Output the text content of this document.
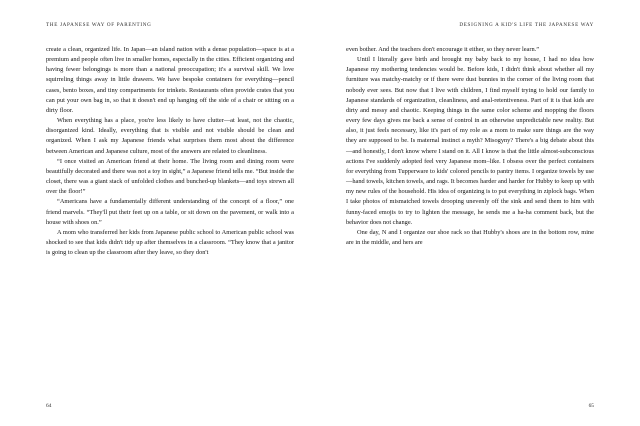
THE JAPANESE WAY OF PARENTING

create a clean, organized life. In Japan—an island nation with a dense population—space is at a premium and people often live in smaller homes, especially in the cities. Efficient organizing and having fewer belongings is more than a national preoccupation; it's a survival skill. We love squirreling things away in little drawers. We have bespoke containers for everything—pencil cases, bento boxes, and tiny compartments for trinkets. Restaurants often provide crates that you can put your own bag in, so that it doesn't end up hanging off the side of a chair or sitting on a dirty floor.

When everything has a place, you're less likely to have clutter—at least, not the chaotic, disorganized kind. Ideally, everything that is visible and not visible should be clean and organized. When I ask my Japanese friends what surprises them most about the difference between American and Japanese culture, most of the answers are related to cleanliness.

“I once visited an American friend at their home. The living room and dining room were beautifully decorated and there was not a toy in sight,” a Japanese friend tells me. “But inside the closet, there was a giant stack of unfolded clothes and bunched-up blankets—and toys strewn all over the floor!”

“Americans have a fundamentally different understanding of the concept of a floor,” one friend marvels. “They'll put their feet up on a table, or sit down on the pavement, or walk into a house with shoes on.”

A mom who transferred her kids from Japanese public school to American public school was shocked to see that kids didn't tidy up after themselves in a classroom. “They know that a janitor is going to clean up the classroom after they leave, so they don't

64
DESIGNING A KID'S LIFE THE JAPANESE WAY

even bother. And the teachers don't encourage it either, so they never learn.”

Until I literally gave birth and brought my baby back to my house, I had no idea how Japanese my mothering tendencies would be. Before kids, I didn't think about whether all my furniture was matchy-matchy or if there were dust bunnies in the corner of the living room that nobody ever sees. But now that I live with children, I find myself trying to hold our family to Japanese standards of organization, cleanliness, and anal-retentiveness. Part of it is that kids are dirty and messy and chaotic. Keeping things in the same color scheme and mopping the floors every few days gives me back a sense of control in an otherwise unpredictable new reality. But also, it just feels necessary, like it's part of my role as a mom to make sure things are the way they are supposed to be. Is maternal instinct a myth? Misogyny? There's a big debate about this—and honestly, I don't know where I stand on it. All I know is that the little almost-subconscious actions I've suddenly adopted feel very Japanese mom–like. I obsess over the perfect containers for everything from Tupperware to kids' colored pencils to pantry items. I organize towels by use—hand towels, kitchen towels, and rags. It becomes harder and harder for Hubby to keep up with my new rules of the household. His idea of organizing is to put everything in ziplock bags. When I take photos of mismatched towels drooping unevenly off the sink and send them to him with funny-faced emojis to try to lighten the message, he sends me a ha-ha comment back, but the behavior does not change.

One day, N and I organize our shoe rack so that Hubby's shoes are in the bottom row, mine are in the middle, and hers are

65
